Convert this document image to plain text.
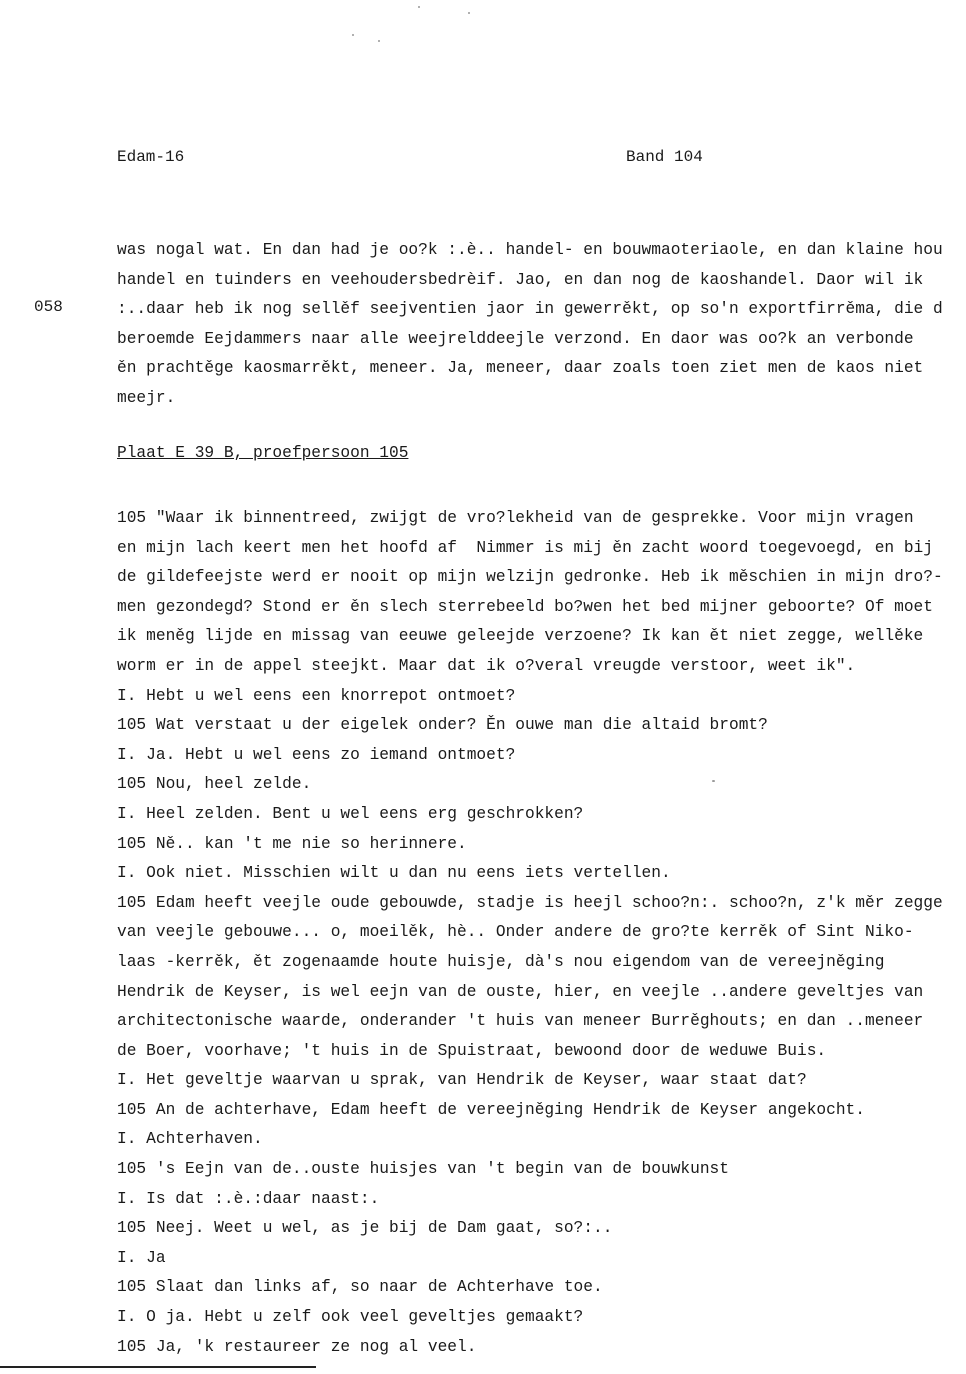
Edam-16	Band 104
058
was nogal wat. En dan had je oo?k :.è.. handel- en bouwmaoteriaole, en dan klaine hou
handel en tuinders en veehoudersbedrèif. Jao, en dan nog de kaoshandel. Daor wil ik
:..daar heb ik nog sellěf seejventien jaor in gewerrěkt, op so'n exportfirrěma, die d
beroemde Eejdammers naar alle weejrelddeejle verzond. En daor was oo?k an verbonde
ěn prachtěge kaosmarrěkt, meneer. Ja, meneer, daar zoals toen ziet men de kaos niet
meejr.
Plaat E 39 B, proefpersoon 105
105 "Waar ik binnentreed, zwijgt de vro?lekheid van de gesprekke. Voor mijn vragen
en mijn lach keert men het hoofd af  Nimmer is mij ěn zacht woord toegevoegd, en bij
de gildefeejste werd er nooit op mijn welzijn gedronke. Heb ik měschien in mijn dro?-
men gezondegd? Stond er ěn slech sterrebeeld bo?wen het bed mijner geboorte? Of moet
ik meněg lijde en missag van eeuwe geleejde verzoene? Ik kan ět niet zegge, wellěke
worm er in de appel steejkt. Maar dat ik o?veral vreugde verstoor, weet ik".
I. Hebt u wel eens een knorrepot ontmoet?
105 Wat verstaat u der eigelek onder? Ěn ouwe man die altaid bromt?
I. Ja. Hebt u wel eens zo iemand ontmoet?
105 Nou, heel zelde.
I. Heel zelden. Bent u wel eens erg geschrokken?
105 Ně.. kan 't me nie so herinnere.
I. Ook niet. Misschien wilt u dan nu eens iets vertellen.
105 Edam heeft veejle oude gebouwde, stadje is heejl schoo?n:. schoo?n, z'k měr zegge
van veejle gebouwe... o, moeilěk, hè.. Onder andere de gro?te kerrěk of Sint Niko-
laas -kerrěk, ět zogenaamde houte huisje, dà's nou eigendom van de vereejněging
Hendrik de Keyser, is wel eejn van de ouste, hier, en veejle ..andere geveltjes van
architectonische waarde, onderander 't huis van meneer Burrěghouts; en dan ..meneer
de Boer, voorhave; 't huis in de Spuistraat, bewoond door de weduwe Buis.
I. Het geveltje waarvan u sprak, van Hendrik de Keyser, waar staat dat?
105 An de achterhave, Edam heeft de vereejněging Hendrik de Keyser angekocht.
I. Achterhaven.
105 's Eejn van de..ouste huisjes van 't begin van de bouwkunst
I. Is dat :.è.:daar naast:.
105 Neej. Weet u wel, as je bij de Dam gaat, so?:..
I. Ja
105 Slaat dan links af, so naar de Achterhave toe.
I. O ja. Hebt u zelf ook veel geveltjes gemaakt?
105 Ja, 'k restaureer ze nog al veel.
